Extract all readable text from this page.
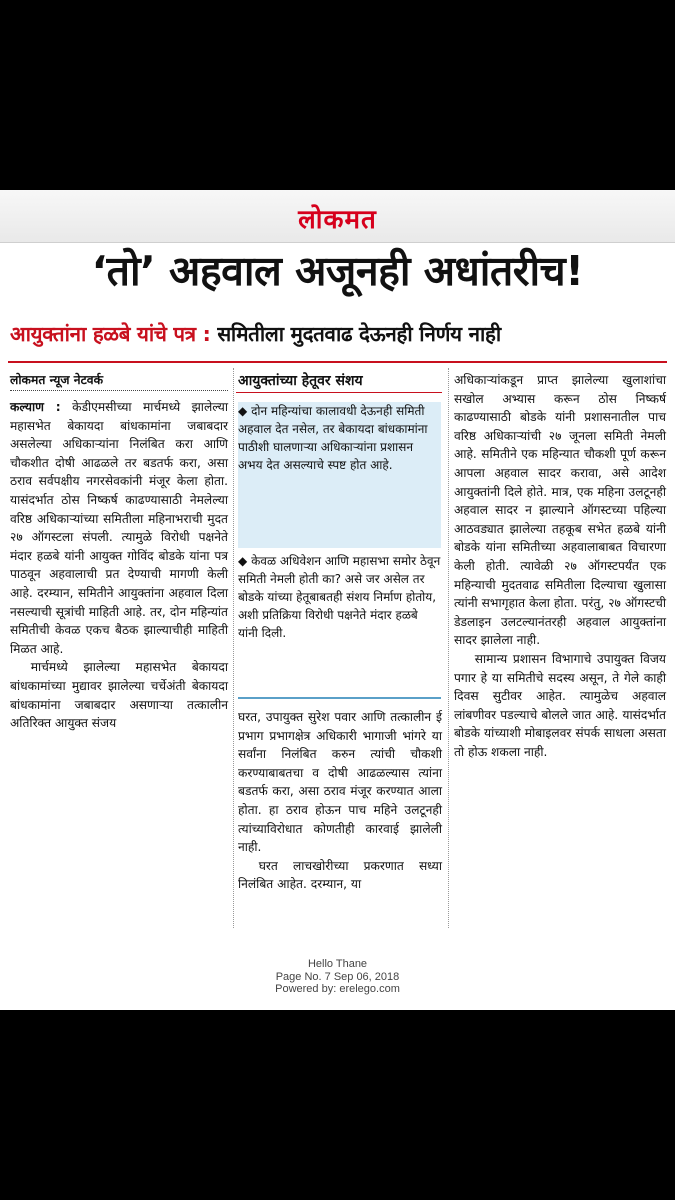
लोकमत
‘तो’ अहवाल अजूनही अधांतरीच!
आयुक्तांना हळबे यांचे पत्र : समितीला मुदतवाढ देऊनही निर्णय नाही
लोकमत न्यूज नेटवर्क

कल्याण : केडीएमसीच्या मार्चमध्ये झालेल्या महासभेत बेकायदा बांधकामांना जबाबदार असलेल्या अधिकाऱ्यांना निलंबित करा आणि चौकशीत दोषी आढळले तर बडतर्फ करा, असा ठराव सर्वपक्षीय नगरसेवकांनी मंजूर केला होता. यासंदर्भात ठोस निष्कर्ष काढण्यासाठी नेमलेल्या वरिष्ठ अधिकाऱ्यांच्या समितीला महिनाभराची मुदत २७ ऑगस्टला संपली. त्यामुळे विरोधी पक्षनेते मंदार हळबे यांनी आयुक्त गोविंद बोडके यांना पत्र पाठवून अहवालाची प्रत देण्याची मागणी केली आहे. दरम्यान, समितीने आयुक्तांना अहवाल दिला नसल्याची सूत्रांची माहिती आहे. तर, दोन महिन्यांत समितीची केवळ एकच बैठक झाल्याचीही माहिती मिळत आहे.

मार्चमध्ये झालेल्या महासभेत बेकायदा बांधकामांच्या मुद्यावर झालेल्या चर्चेअंती बेकायदा बांधकामांना जबाबदार असणाऱ्या तत्कालीन अतिरिक्त आयुक्त संजय

आयुक्तांच्या हेतूवर संशय
◆ दोन महिन्यांचा कालावधी देऊनही समिती अहवाल देत नसेल, तर बेकायदा बांधकामांना पाठीशी घालणाऱ्या अधिकाऱ्यांना प्रशासन अभय देत असल्याचे स्पष्ट होत आहे.
◆ केवळ अधिवेशन आणि महासभा समोर ठेवून समिती नेमली होती का? असे जर असेल तर बोडके यांच्या हेतूबाबतही संशय निर्माण होतोय, अशी प्रतिक्रिया विरोधी पक्षनेते मंदार हळबे यांनी दिली.

घरत, उपायुक्त सुरेश पवार आणि तत्कालीन ई प्रभाग प्रभागक्षेत्र अधिकारी भागाजी भांगरे या सर्वांना निलंबित करुन त्यांची चौकशी करण्याबाबतचा व दोषी आढळल्यास त्यांना बडतर्फ करा, असा ठराव मंजूर करण्यात आला होता. हा ठराव होऊन पाच महिने उलटूनही त्यांच्याविरोधात कोणतीही कारवाई झालेली नाही.

घरत लाचखोरीच्या प्रकरणात सध्या निलंबित आहेत. दरम्यान, या

अधिकाऱ्यांकडून प्राप्त झालेल्या खुलाशांचा सखोल अभ्यास करून ठोस निष्कर्ष काढण्यासाठी बोडके यांनी प्रशासनातील पाच वरिष्ठ अधिकाऱ्यांची २७ जूनला समिती नेमली आहे. समितीने एक महिन्यात चौकशी पूर्ण करून आपला अहवाल सादर करावा, असे आदेश आयुक्तांनी दिले होते. मात्र, एक महिना उलटूनही अहवाल सादर न झाल्याने ऑगस्टच्या पहिल्या आठवड्यात झालेल्या तहकूब सभेत हळबे यांनी बोडके यांना समितीच्या अहवालाबाबत विचारणा केली होती. त्यावेळी २७ ऑगस्टपर्यंत एक महिन्याची मुदतवाढ समितीला दिल्याचा खुलासा त्यांनी सभागृहात केला होता. परंतु, २७ ऑगस्टची डेडलाइन उलटल्यानंतरही अहवाल आयुक्तांना सादर झालेला नाही.

सामान्य प्रशासन विभागाचे उपायुक्त विजय पगार हे या समितीचे सदस्य असून, ते गेले काही दिवस सुटीवर आहेत. त्यामुळेच अहवाल लांबणीवर पडल्याचे बोलले जात आहे. यासंदर्भात बोडके यांच्याशी मोबाइलवर संपर्क साधला असता तो होऊ शकला नाही.

Hello Thane
Page No. 7 Sep 06, 2018
Powered by: erelego.com
